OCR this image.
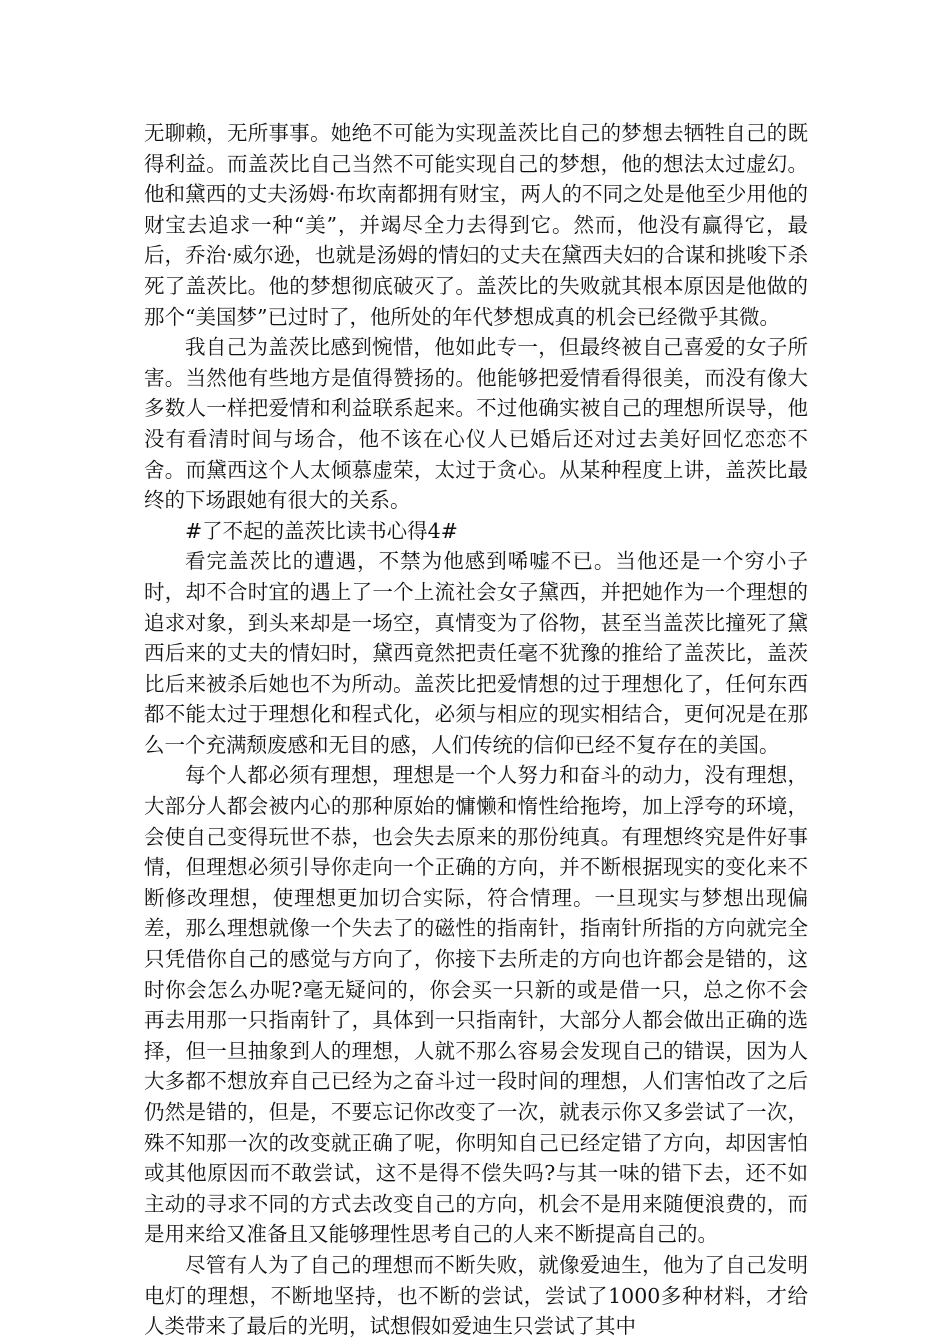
无聊赖，无所事事。她绝不可能为实现盖茨比自己的梦想去牺牲自己的既得利益。而盖茨比自己当然不可能实现自己的梦想，他的想法太过虚幻。他和黛西的丈夫汤姆·布坎南都拥有财宝，两人的不同之处是他至少用他的财宝去追求一种“美”，并竭尽全力去得到它。然而，他没有赢得它，最后，乔治·威尔逊，也就是汤姆的情妇的丈夫在黛西夫妇的合谋和挑唆下杀死了盖茨比。他的梦想彻底破灭了。盖茨比的失败就其根本原因是他做的那个“美国梦”已过时了，他所处的年代梦想成真的机会已经微乎其微。

我自己为盖茨比感到惋惜，他如此专一，但最终被自己喜爱的女子所害。当然他有些地方是值得赞扬的。他能够把爱情看得很美，而没有像大多数人一样把爱情和利益联系起来。不过他确实被自己的理想所误导，他没有看清时间与场合，他不该在心仪人已婚后还对过去美好回忆恋恋不舍。而黛西这个人太倾慕虚荣，太过于贪心。从某种程度上讲，盖茨比最终的下场跟她有很大的关系。

#了不起的盖茨比读书心得4#

看完盖茨比的遭遇，不禁为他感到唏嘘不已。当他还是一个穷小子时，却不合时宜的遇上了一个上流社会女子黛西，并把她作为一个理想的追求对象，到头来却是一场空，真情变为了俗物，甚至当盖茨比撞死了黛西后来的丈夫的情妇时，黛西竟然把责任毫不犹豫的推给了盖茨比，盖茨比后来被杀后她也不为所动。盖茨比把爱情想的过于理想化了，任何东西都不能太过于理想化和程式化，必须与相应的现实相结合，更何况是在那么一个充满颓废感和无目的感，人们传统的信仰已经不复存在的美国。

每个人都必须有理想，理想是一个人努力和奋斗的动力，没有理想，大部分人都会被内心的那种原始的慵懒和惰性给拖垮，加上浮夸的环境，会使自己变得玩世不恭，也会失去原来的那份纯真。有理想终究是件好事情，但理想必须引导你走向一个正确的方向，并不断根据现实的变化来不断修改理想，使理想更加切合实际，符合情理。一旦现实与梦想出现偏差，那么理想就像一个失去了的磁性的指南针，指南针所指的方向就完全只凭借你自己的感觉与方向了，你接下去所走的方向也许都会是错的，这时你会怎么办呢?毫无疑问的，你会买一只新的或是借一只，总之你不会再去用那一只指南针了，具体到一只指南针，大部分人都会做出正确的选择，但一旦抽象到人的理想，人就不那么容易会发现自己的错误，因为人大多都不想放弃自己已经为之奋斗过一段时间的理想，人们害怕改了之后仍然是错的，但是，不要忘记你改变了一次，就表示你又多尝试了一次，殊不知那一次的改变就正确了呢，你明知自己已经定错了方向，却因害怕或其他原因而不敢尝试，这不是得不偿失吗?与其一味的错下去，还不如主动的寻求不同的方式去改变自己的方向，机会不是用来随便浪费的，而是用来给又准备且又能够理性思考自己的人来不断提高自己的。

尽管有人为了自己的理想而不断失败，就像爱迪生，他为了自己发明电灯的理想，不断地坚持，也不断的尝试，尝试了1000多种材料，才给人类带来了最后的光明，试想假如爱迪生只尝试了其中
